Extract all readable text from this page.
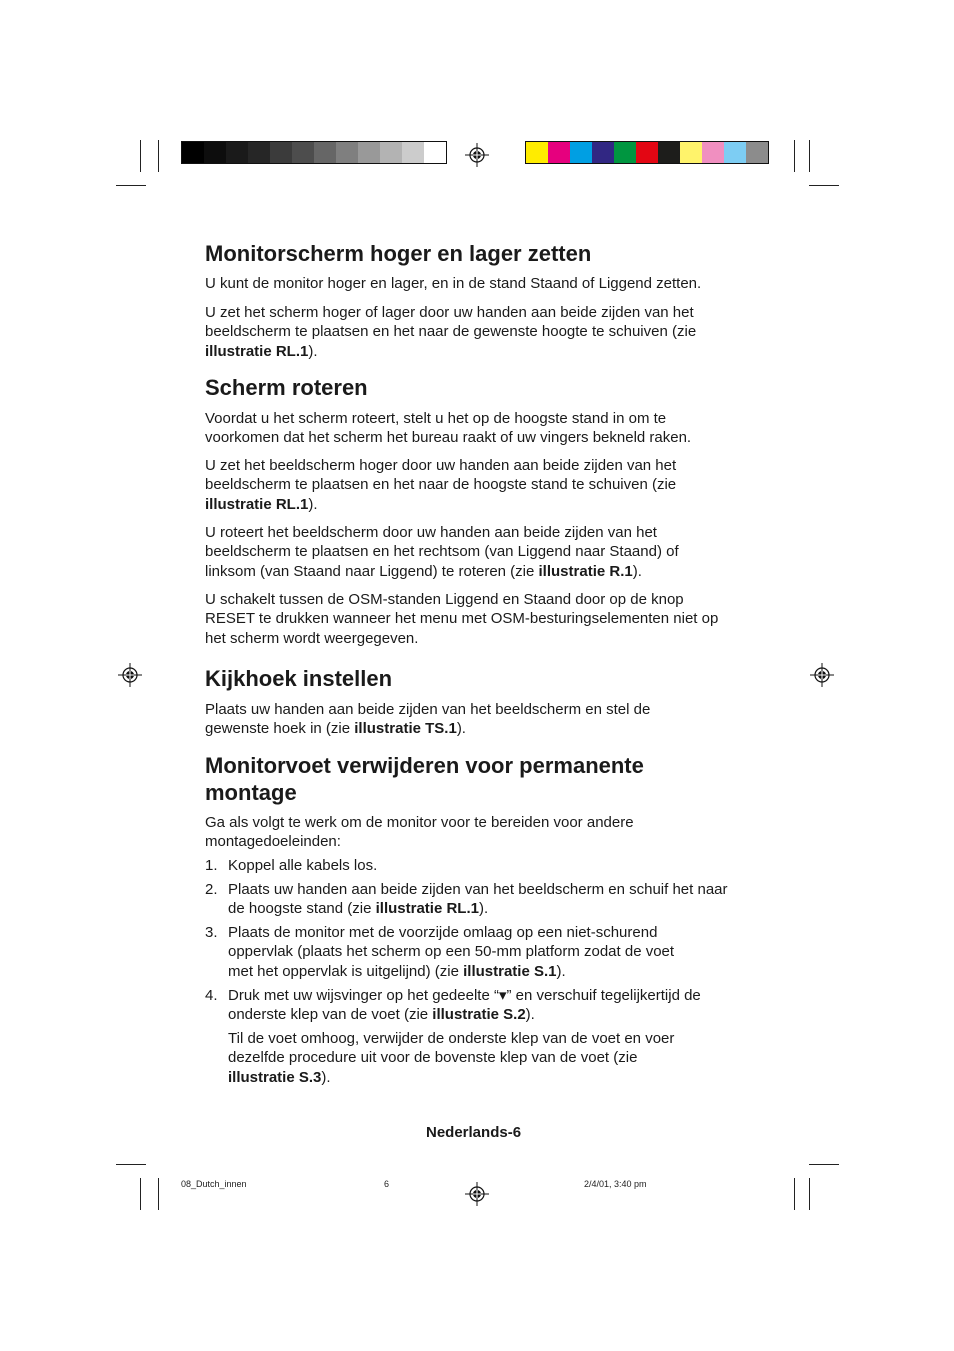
Monitorscherm hoger en lager zetten

U kunt de monitor hoger en lager, en in de stand Staand of Liggend zetten.

U zet het scherm hoger of lager door uw handen aan beide zijden van het beeldscherm te plaatsen en het naar de gewenste hoogte te schuiven (zie illustratie RL.1).

Scherm roteren

Voordat u het scherm roteert, stelt u het op de hoogste stand in om te voorkomen dat het scherm het bureau raakt of uw vingers bekneld raken.

U zet het beeldscherm hoger door uw handen aan beide zijden van het beeldscherm te plaatsen en het naar de hoogste stand te schuiven (zie illustratie RL.1).

U roteert het beeldscherm door uw handen aan beide zijden van het beeldscherm te plaatsen en het rechtsom (van Liggend naar Staand) of linksom (van Staand naar Liggend) te roteren (zie illustratie R.1).

U schakelt tussen de OSM-standen Liggend en Staand door op de knop RESET te drukken wanneer het menu met OSM-besturingselementen niet op het scherm wordt weergegeven.

Kijkhoek instellen

Plaats uw handen aan beide zijden van het beeldscherm en stel de gewenste hoek in (zie illustratie TS.1).

Monitorvoet verwijderen voor permanente montage

Ga als volgt te werk om de monitor voor te bereiden voor andere montagedoeleinden:

1. Koppel alle kabels los.

2. Plaats uw handen aan beide zijden van het beeldscherm en schuif het naar de hoogste stand (zie illustratie RL.1).

3. Plaats de monitor met de voorzijde omlaag op een niet-schurend oppervlak (plaats het scherm op een 50-mm platform zodat de voet met het oppervlak is uitgelijnd) (zie illustratie S.1).

4. Druk met uw wijsvinger op het gedeelte “▾” en verschuif tegelijkertijd de onderste klep van de voet (zie illustratie S.2).

Til de voet omhoog, verwijder de onderste klep van de voet en voer dezelfde procedure uit voor de bovenste klep van de voet (zie illustratie S.3).

Nederlands-6
08_Dutch_innen	6	2/4/01, 3:40 pm
